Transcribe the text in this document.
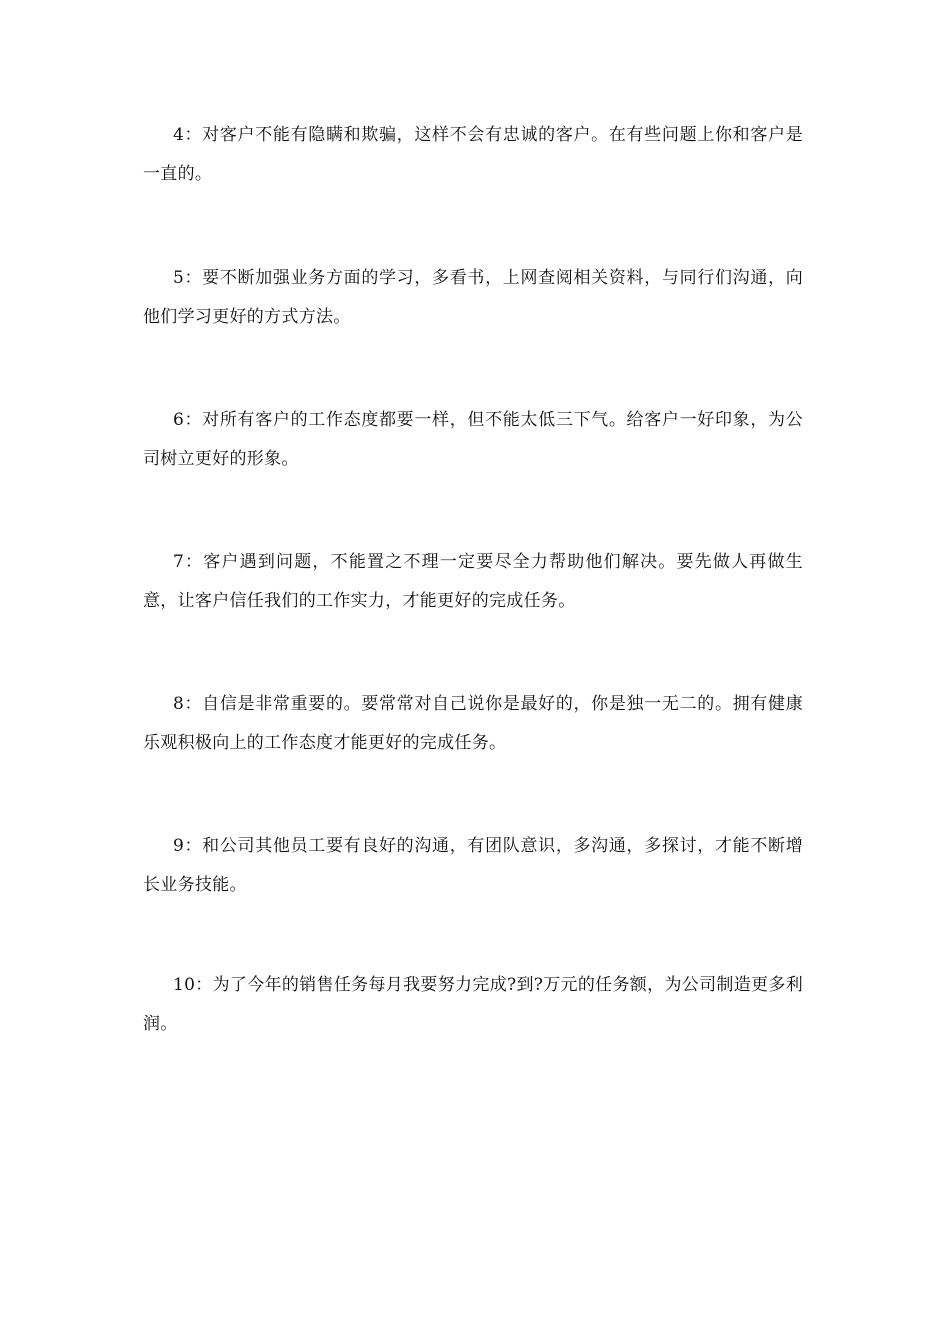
4：对客户不能有隐瞒和欺骗，这样不会有忠诚的客户。在有些问题上你和客户是一直的。

5：要不断加强业务方面的学习，多看书，上网查阅相关资料，与同行们沟通，向他们学习更好的方式方法。

6：对所有客户的工作态度都要一样，但不能太低三下气。给客户一好印象，为公司树立更好的形象。

7：客户遇到问题，不能置之不理一定要尽全力帮助他们解决。要先做人再做生意，让客户信任我们的工作实力，才能更好的完成任务。

8：自信是非常重要的。要常常对自己说你是最好的，你是独一无二的。拥有健康乐观积极向上的工作态度才能更好的完成任务。

9：和公司其他员工要有良好的沟通，有团队意识，多沟通，多探讨，才能不断增长业务技能。

10：为了今年的销售任务每月我要努力完成?到?万元的任务额，为公司制造更多利润。
